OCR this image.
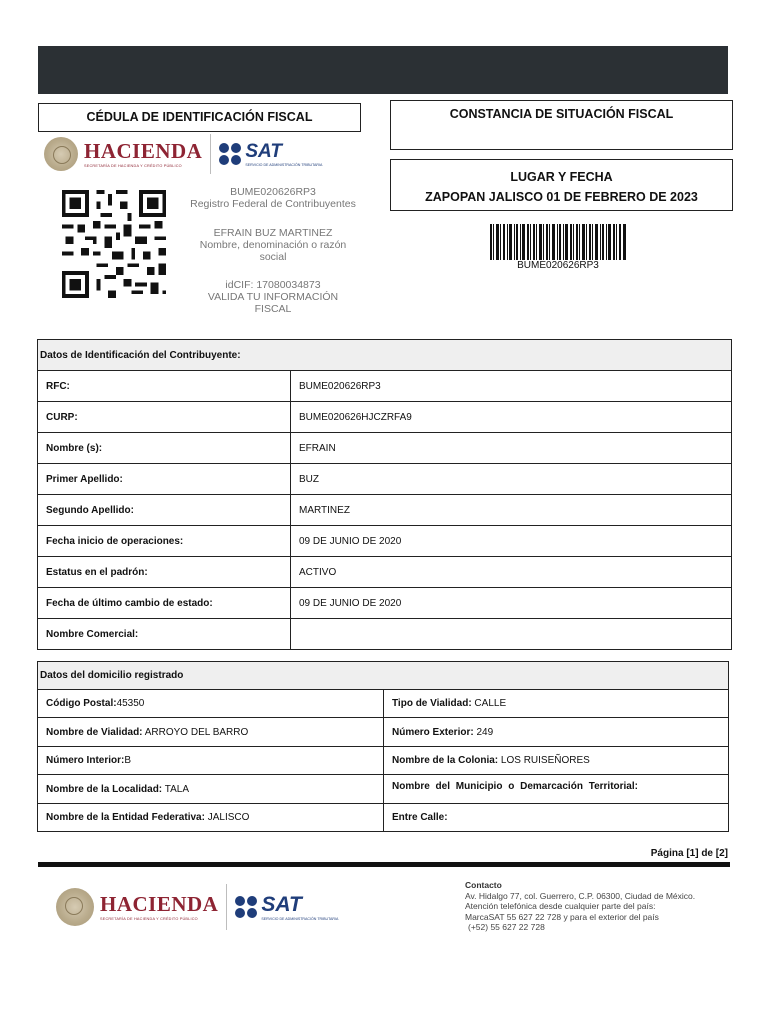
CÉDULA DE IDENTIFICACIÓN FISCAL	CONSTANCIA DE SITUACIÓN FISCAL
LUGAR Y FECHA
ZAPOPAN JALISCO 01 DE FEBRERO DE 2023
HACIENDA
SECRETARÍA DE HACIENDA Y CRÉDITO PÚBLICO
SAT
SERVICIO DE ADMINISTRACIÓN TRIBUTARIA
BUME020626RP3
Registro Federal de Contribuyentes
EFRAIN BUZ MARTINEZ
Nombre, denominación o razón social
idCIF: 17080034873
VALIDA TU INFORMACIÓN FISCAL
BUME020626RP3
Datos de Identificación del Contribuyente:	
RFC:	BUME020626RP3
CURP:	BUME020626HJCZRFA9
Nombre (s):	EFRAIN
Primer Apellido:	BUZ
Segundo Apellido:	MARTINEZ
Fecha inicio de operaciones:	09 DE JUNIO DE 2020
Estatus en el padrón:	ACTIVO
Fecha de último cambio de estado:	09 DE JUNIO DE 2020
Nombre Comercial:	
Datos del domicilio registrado	
Código Postal:45350	Tipo de Vialidad: CALLE
Nombre de Vialidad: ARROYO DEL BARRO	Número Exterior: 249
Número Interior:B	Nombre de la Colonia: LOS RUISEÑORES
Nombre de la Localidad: TALA	Nombre del Municipio o Demarcación Territorial:
Nombre de la Entidad Federativa: JALISCO	Entre Calle:
Página [1] de [2]
HACIENDA
SECRETARÍA DE HACIENDA Y CRÉDITO PÚBLICO
SAT
SERVICIO DE ADMINISTRACIÓN TRIBUTARIA
Contacto
Av. Hidalgo 77, col. Guerrero, C.P. 06300, Ciudad de México.
Atención telefónica desde cualquier parte del país:
MarcaSAT 55 627 22 728 y para el exterior del país
(+52) 55 627 22 728
